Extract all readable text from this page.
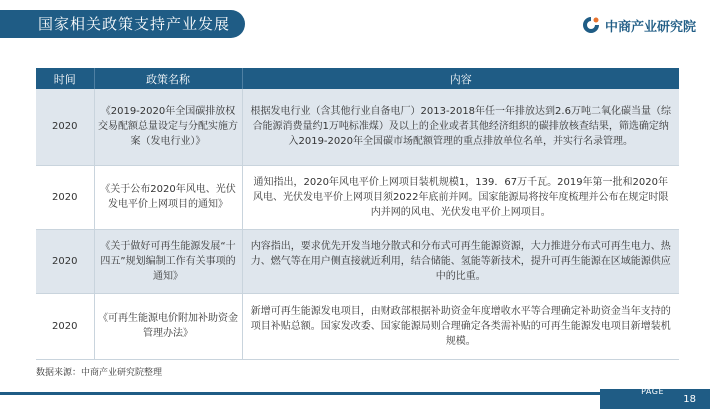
国家相关政策支持产业发展	中商产业研究院
时间	政策名称	内容
2020	《2019-2020年全国碳排放权交易配额总量设定与分配实施方案（发电行业）》	根据发电行业（含其他行业自备电厂）2013-2018年任一年排放达到2.6万吨二氧化碳当量（综合能源消费量约1万吨标准煤）及以上的企业或者其他经济组织的碳排放核查结果，筛选确定纳入2019-2020年全国碳市场配额管理的重点排放单位名单，并实行名录管理。
2020	《关于公布2020年风电、光伏发电平价上网项目的通知》	通知指出，2020年风电平价上网项目装机规模1，139．67万千瓦。2019年第一批和2020年风电、光伏发电平价上网项目须2022年底前并网。国家能源局将按年度梳理并公布在规定时限内并网的风电、光伏发电平价上网项目。
2020	《关于做好可再生能源发展“十四五”规划编制工作有关事项的通知》	内容指出，要求优先开发当地分散式和分布式可再生能源资源，大力推进分布式可再生电力、热力、燃气等在用户侧直接就近利用，结合储能、氢能等新技术，提升可再生能源在区域能源供应中的比重。
2020	《可再生能源电价附加补助资金管理办法》	新增可再生能源发电项目，由财政部根据补助资金年度增收水平等合理确定补助资金当年支持的项目补贴总额。国家发改委、国家能源局则合理确定各类需补贴的可再生能源发电项目新增装机规模。
数据来源：中商产业研究院整理
PAGE
18
